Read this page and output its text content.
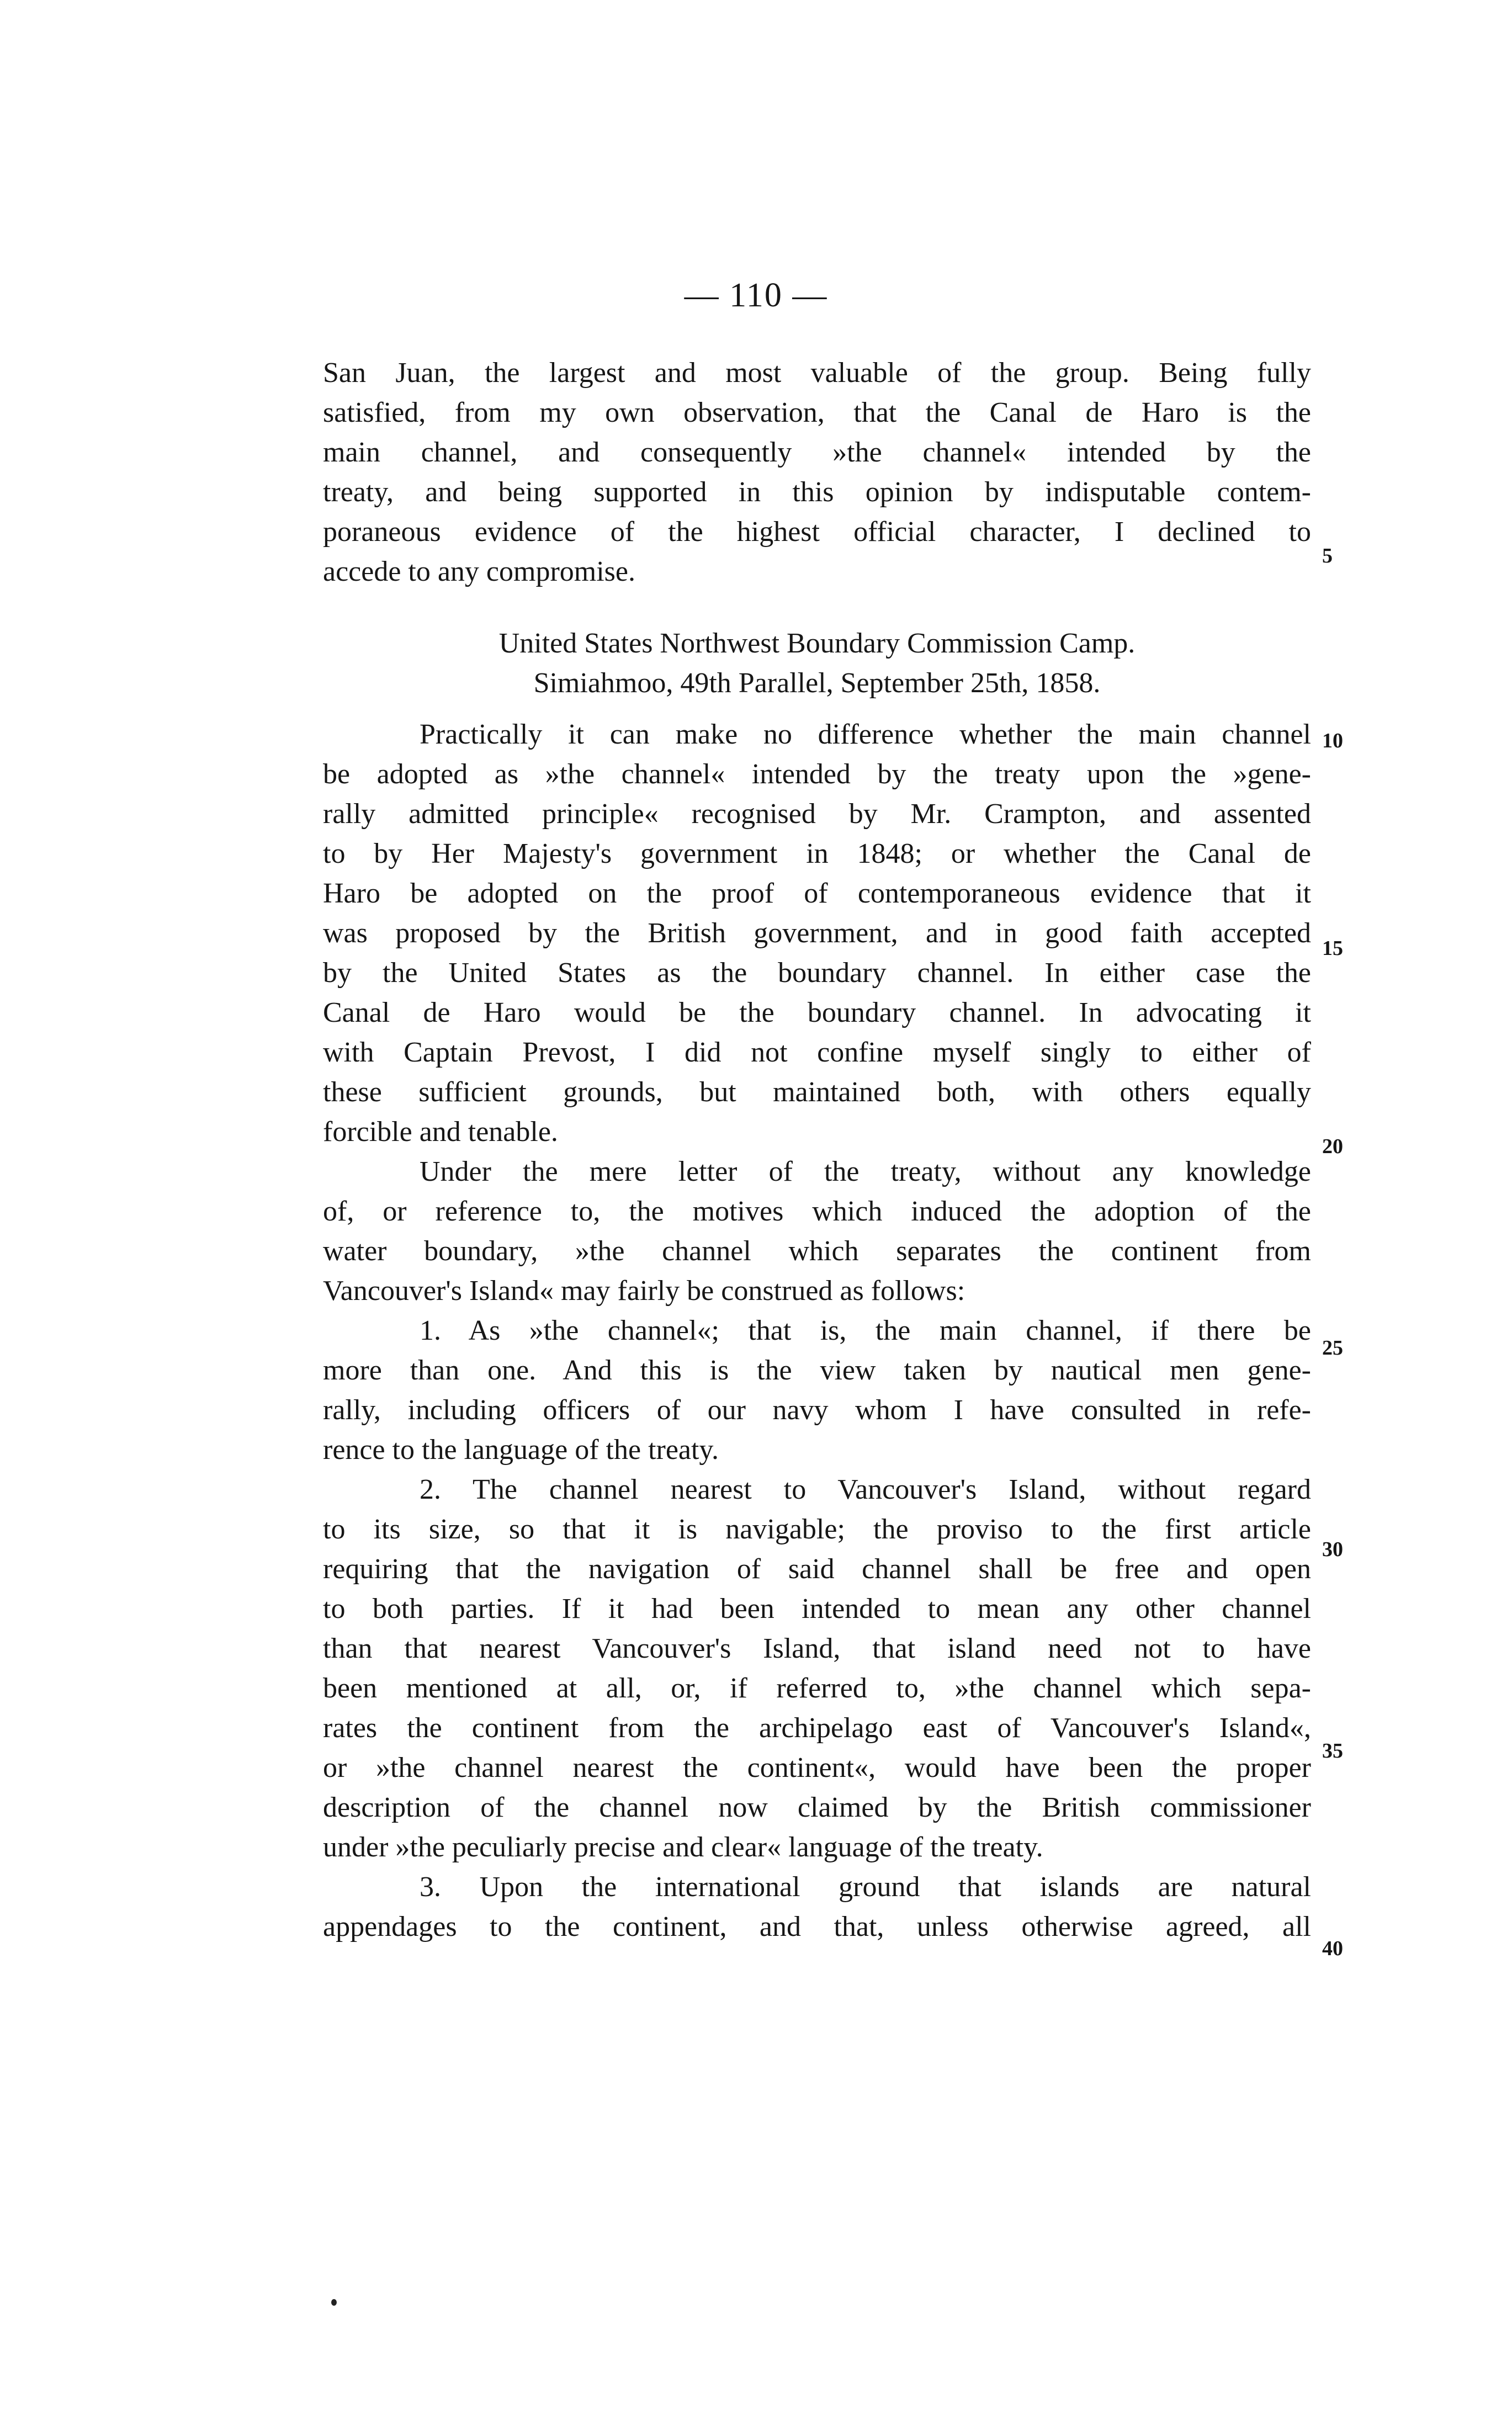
— 110 —
San Juan, the largest and most valuable of the group. Being fully
satisfied, from my own observation, that the Canal de Haro is the
main channel, and consequently »the channel« intended by the
treaty, and being supported in this opinion by indisputable contem-
poraneous evidence of the highest official character, I declined to
accede to any compromise.
United States Northwest Boundary Commission Camp.
Simiahmoo, 49th Parallel, September 25th, 1858.
Practically it can make no difference whether the main channel
be adopted as »the channel« intended by the treaty upon the »gene-
rally admitted principle« recognised by Mr. Crampton, and assented
to by Her Majesty's government in 1848; or whether the Canal de
Haro be adopted on the proof of contemporaneous evidence that it
was proposed by the British government, and in good faith accepted
by the United States as the boundary channel. In either case the
Canal de Haro would be the boundary channel. In advocating it
with Captain Prevost, I did not confine myself singly to either of
these sufficient grounds, but maintained both, with others equally
forcible and tenable.
Under the mere letter of the treaty, without any knowledge
of, or reference to, the motives which induced the adoption of the
water boundary, »the channel which separates the continent from
Vancouver's Island« may fairly be construed as follows:
1. As »the channel«; that is, the main channel, if there be
more than one. And this is the view taken by nautical men gene-
rally, including officers of our navy whom I have consulted in refe-
rence to the language of the treaty.
2. The channel nearest to Vancouver's Island, without regard
to its size, so that it is navigable; the proviso to the first article
requiring that the navigation of said channel shall be free and open
to both parties. If it had been intended to mean any other channel
than that nearest Vancouver's Island, that island need not to have
been mentioned at all, or, if referred to, »the channel which sepa-
rates the continent from the archipelago east of Vancouver's Island«,
or »the channel nearest the continent«, would have been the proper
description of the channel now claimed by the British commissioner
under »the peculiarly precise and clear« language of the treaty.
3. Upon the international ground that islands are natural
appendages to the continent, and that, unless otherwise agreed, all
5
10
15
20
25
30
35
40
